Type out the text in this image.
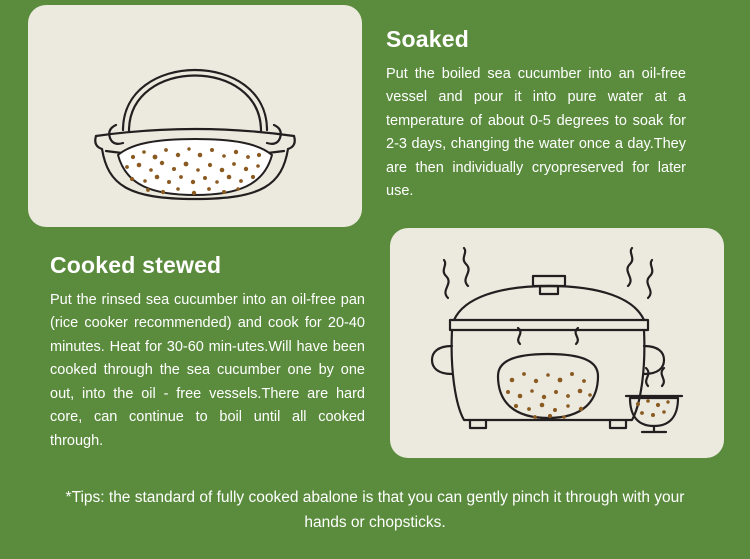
Soaked

Put the boiled sea cucumber into an oil-free vessel and pour it into pure water at a temperature of about 0-5 degrees to soak for 2-3 days, changing the water once a day.They are then individually cryopreserved for later use.

Cooked stewed

Put the rinsed sea cucumber into an oil-free pan (rice cooker recommended) and cook for 20-40 minutes. Heat for 30-60 min-utes.Will have been cooked through the sea cucumber one by one out, into the oil - free vessels.There are hard core, can continue to boil until all cooked through.

*Tips: the standard of fully cooked abalone is that you can gently pinch it through with your hands or chopsticks.
